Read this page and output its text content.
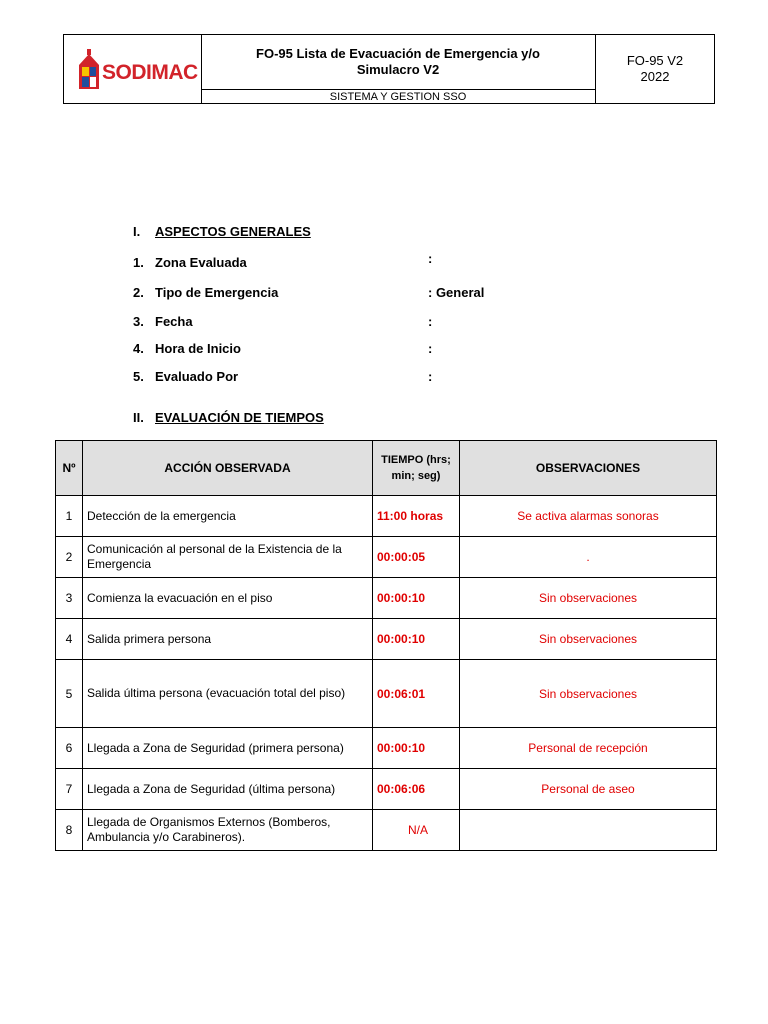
SODIMAC
FO-95 Lista de Evacuación de Emergencia y/o Simulacro V2
SISTEMA Y GESTION SSO
FO-95 V2
2022
I. ASPECTOS GENERALES
1. Zona Evaluada	:
2. Tipo de Emergencia	: General
3. Fecha	:
4. Hora de Inicio	:
5. Evaluado Por	:
II. EVALUACIÓN DE TIEMPOS
Nº	ACCIÓN OBSERVADA	TIEMPO (hrs; min; seg)	OBSERVACIONES
1	Detección de la emergencia	11:00 horas	Se activa alarmas sonoras
2	Comunicación al personal de la Existencia de la Emergencia	00:00:05	.
3	Comienza la evacuación en el piso	00:00:10	Sin observaciones
4	Salida primera persona	00:00:10	Sin observaciones
5	Salida última persona (evacuación total del piso)	00:06:01	Sin observaciones
6	Llegada a Zona de Seguridad (primera persona)	00:00:10	Personal de recepción
7	Llegada a Zona de Seguridad (última persona)	00:06:06	Personal de aseo
8	Llegada de Organismos Externos (Bomberos, Ambulancia y/o Carabineros).	N/A	
